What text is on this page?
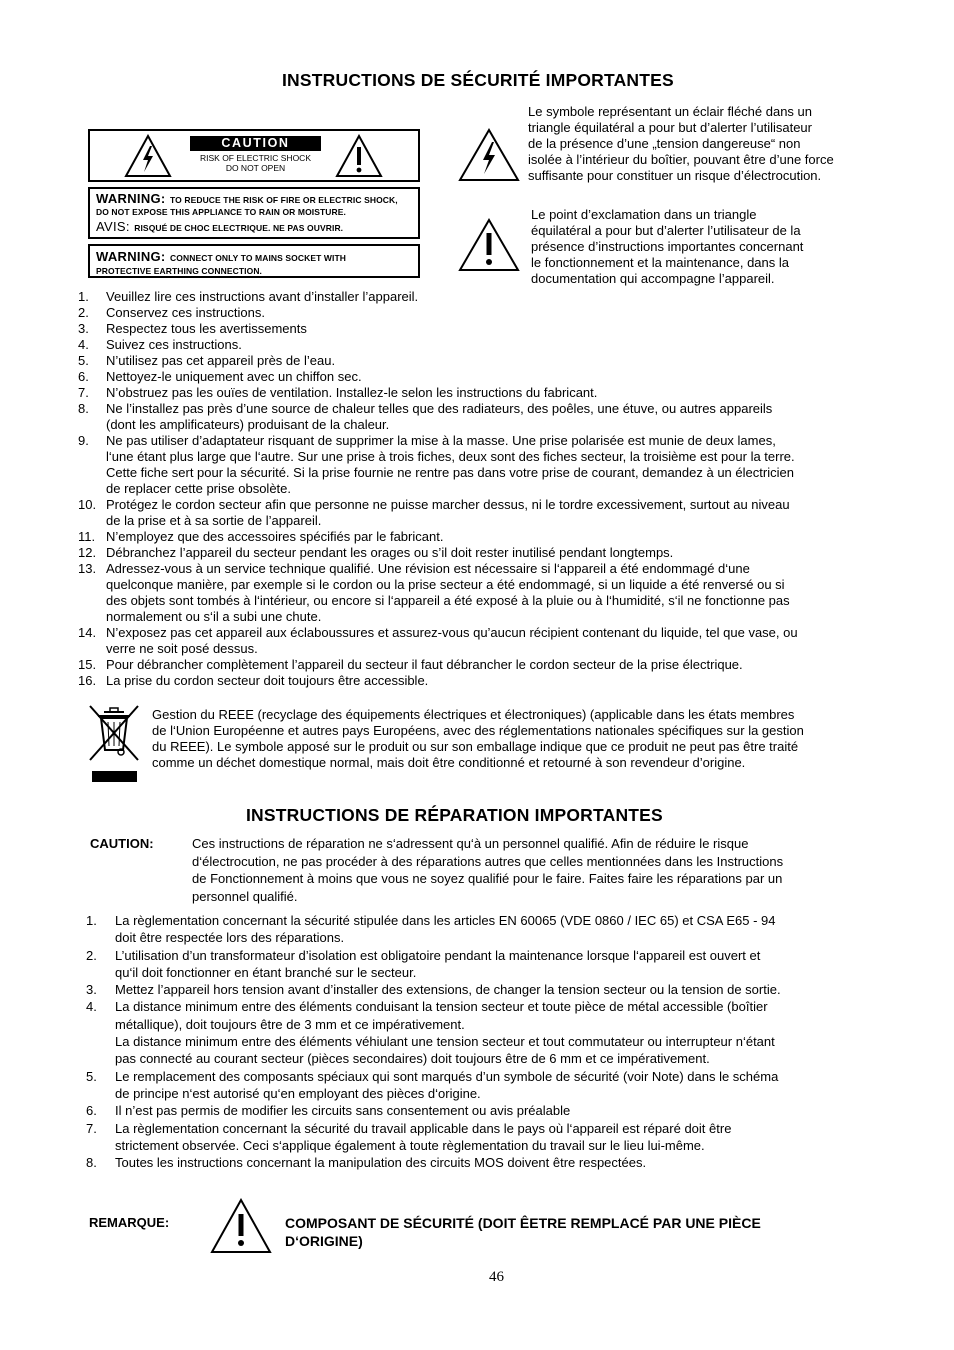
INSTRUCTIONS DE SÉCURITÉ IMPORTANTES
CAUTION
RISK OF ELECTRIC SHOCK
DO NOT OPEN
WARNING: TO REDUCE THE RISK OF FIRE OR ELECTRIC SHOCK,
DO NOT EXPOSE THIS APPLIANCE TO RAIN OR MOISTURE.
AVIS: RISQUÉ DE CHOC ELECTRIQUE. NE PAS OUVRIR.
WARNING: CONNECT ONLY TO MAINS SOCKET WITH
PROTECTIVE EARTHING CONNECTION.
Le symbole représentant un éclair fléché dans un
triangle équilatéral a pour but d’alerter l’utilisateur
de la présence d’une „tension dangereuse“ non
isolée à l’intérieur du boîtier, pouvant être d’une force
suffisante pour constituer un risque d’électrocution.
Le point d’exclamation dans un triangle
équilatéral a pour but d’alerter l’utilisateur de la
présence d’instructions importantes concernant
le fonctionnement et la maintenance, dans la
documentation qui accompagne l’appareil.
1.	Veuillez lire ces instructions avant d’installer l’appareil.
2.	Conservez ces instructions.
3.	Respectez tous les avertissements
4.	Suivez ces instructions.
5.	N’utilisez pas cet appareil près de l’eau.
6.	Nettoyez-le uniquement avec un chiffon sec.
7.	N’obstruez pas les ouïes de ventilation. Installez-le selon les instructions du fabricant.
8.	Ne l’installez pas près d’une source de chaleur telles que des radiateurs, des poêles, une étuve, ou autres appareils
(dont les amplificateurs) produisant de la chaleur.
9.	Ne pas utiliser d’adaptateur risquant de supprimer la mise à la masse. Une prise polarisée est munie de deux lames,
l‘une étant plus large que l‘autre. Sur une prise à trois fiches, deux sont des fiches secteur, la troisième est pour la terre.
Cette fiche sert pour la sécurité. Si la prise fournie ne rentre pas dans votre prise de courant, demandez à un électricien
de replacer cette prise obsolète.
10. Protégez le cordon secteur afin que personne ne puisse marcher dessus, ni le tordre excessivement, surtout au niveau
de la prise et à sa sortie de l’appareil.
11. N’employez que des accessoires spécifiés par le fabricant.
12. Débranchez l’appareil du secteur pendant les orages ou s’il doit rester inutilisé pendant longtemps.
13. Adressez-vous à un service technique qualifié. Une révision est nécessaire si l‘appareil a été endommagé d‘une
quelconque manière, par exemple si le cordon ou la prise secteur a été endommagé, si un liquide a été renversé ou si
des objets sont tombés à l‘intérieur, ou encore si l‘appareil a été exposé à la pluie ou à l‘humidité, s‘il ne fonctionne pas
normalement ou s‘il a subi une chute.
14. N’exposez pas cet appareil aux éclaboussures et assurez-vous qu’aucun récipient contenant du liquide, tel que vase, ou
verre ne soit posé dessus.
15. Pour débrancher complètement l’appareil du secteur il faut débrancher le cordon secteur de la prise électrique.
16. La prise du cordon secteur doit toujours être accessible.
Gestion du REEE (recyclage des équipements électriques et électroniques) (applicable dans les états membres
de l‘Union Européenne et autres pays Européens, avec des réglementations nationales spécifiques sur la gestion
du REEE). Le symbole apposé sur le produit ou sur son emballage indique que ce produit ne peut pas être traité
comme un déchet domestique normal, mais doit être conditionné et retourné à son revendeur d’origine.
INSTRUCTIONS DE RÉPARATION IMPORTANTES
CAUTION:	Ces instructions de réparation ne s‘adressent qu‘à un personnel qualifié. Afin de réduire le risque
d‘électrocution, ne pas procéder à des réparations autres que celles mentionnées dans les Instructions
de Fonctionnement à moins que vous ne soyez qualifié pour le faire. Faites faire les réparations par un
personnel qualifié.
1.	La règlementation concernant la sécurité stipulée dans les articles EN 60065 (VDE 0860 / IEC 65) et CSA E65 - 94
doit être respectée lors des réparations.
2.	L’utilisation d’un transformateur d’isolation est obligatoire pendant la maintenance lorsque l‘appareil est ouvert et
qu‘il doit fonctionner en étant branché sur le secteur.
3.	Mettez l’appareil hors tension avant d’installer des extensions, de changer la tension secteur ou la tension de sortie.
4.	La distance minimum entre des éléments conduisant la tension secteur et toute pièce de métal accessible (boîtier
métallique), doit toujours être de 3 mm et ce impérativement.
La distance minimum entre des éléments véhiulant une tension secteur et tout commutateur ou interrupteur n‘étant
pas connecté au courant secteur (pièces secondaires) doit toujours être de 6 mm et ce impérativement.
5.	Le remplacement des composants spéciaux qui sont marqués d’un symbole de sécurité (voir Note) dans le schéma
de principe n‘est autorisé qu‘en employant des pièces d‘origine.
6.	Il n’est pas permis de modifier les circuits sans consentement ou avis préalable
7.	La règlementation concernant la sécurité du travail applicable dans le pays où l‘appareil est réparé doit être
strictement observée. Ceci s‘applique également à toute règlementation du travail sur le lieu lui-même.
8.	Toutes les instructions concernant la manipulation des circuits MOS doivent être respectées.
REMARQUE:	COMPOSANT DE SÉCURITÉ (DOIT ÊETRE REMPLACÉ PAR UNE PIÈCE
D‘ORIGINE)
46
